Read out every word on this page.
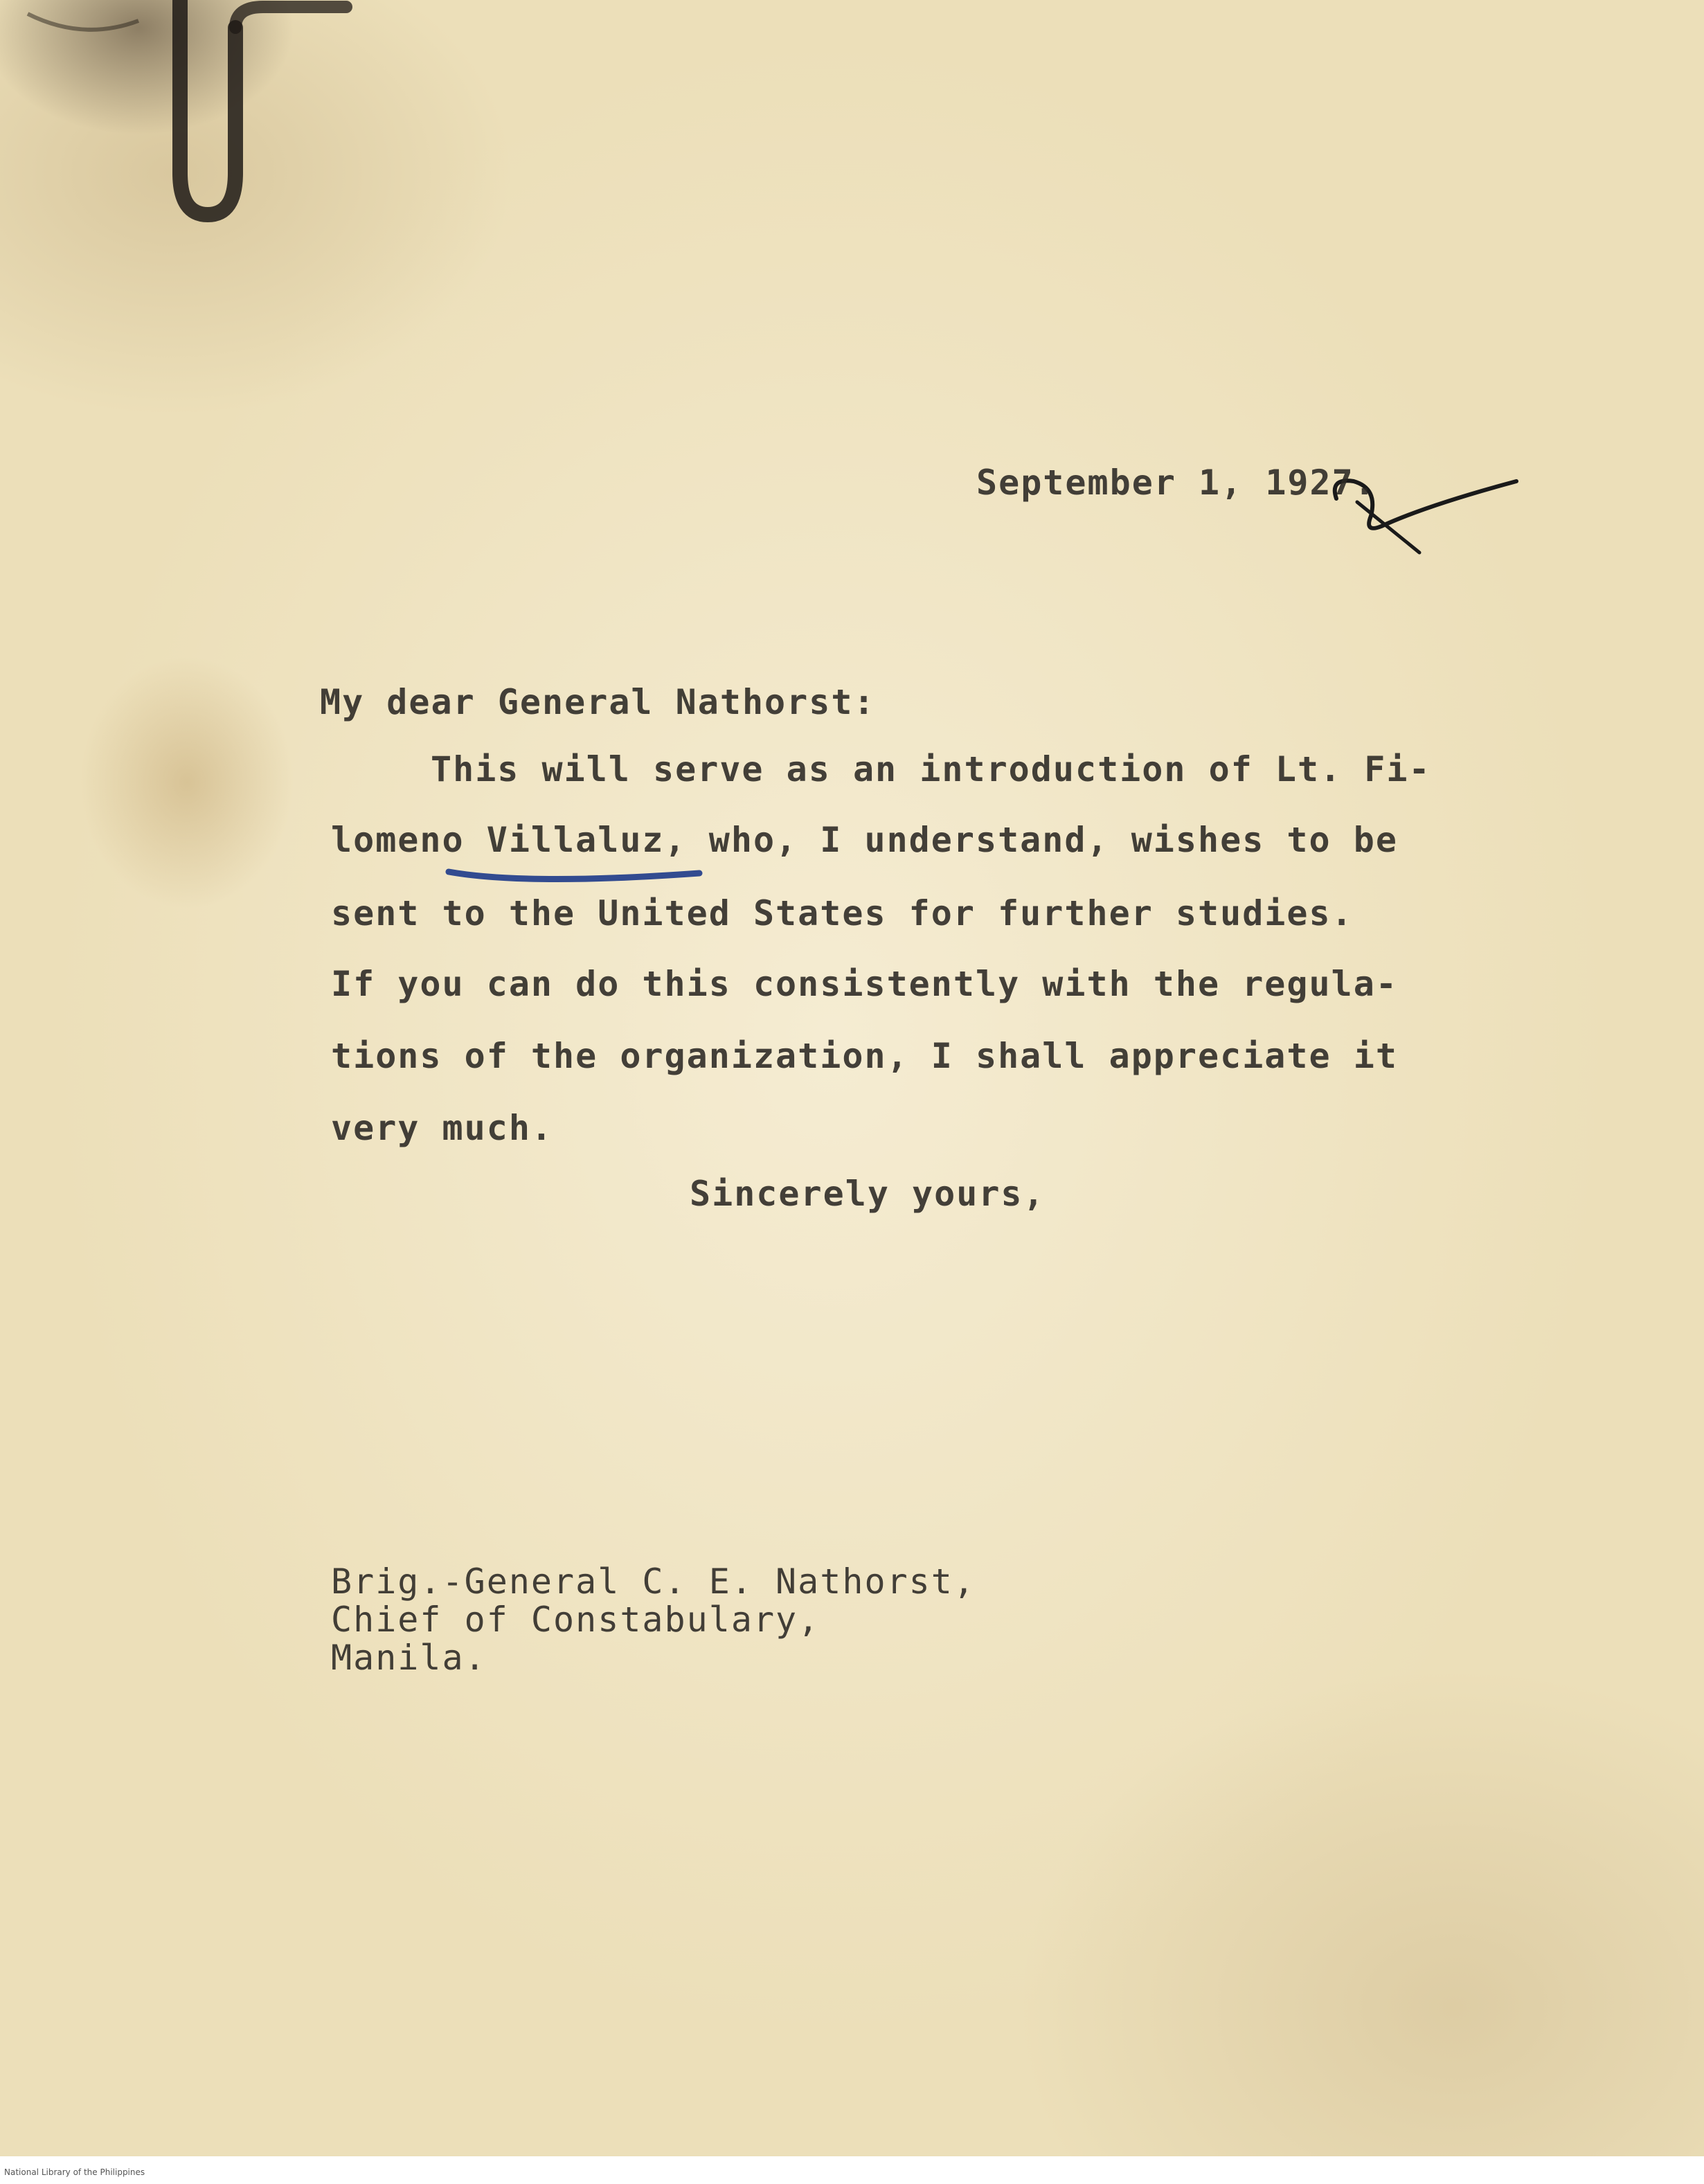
September 1, 1927.
My dear General Nathorst:
This will serve as an introduction of Lt. Fi-
lomeno Villaluz, who, I understand, wishes to be
sent to the United States for further studies.
If you can do this consistently with the regula-
tions of the organization, I shall appreciate it
very much.
Sincerely yours,
Brig.-General C. E. Nathorst,
Chief of Constabulary,
Manila.
National Library of the Philippines
